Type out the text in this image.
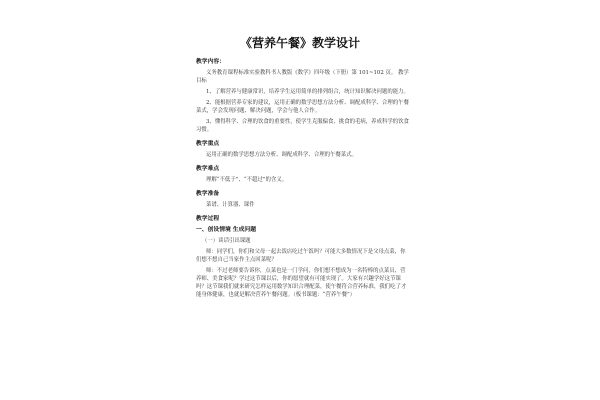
《营养午餐》教学设计
教学内容：
义务教育课程标准实验教科书人教版《数学》四年级（下册）第 101~102 页。 教学目标
1、了解营养与健康常识，培养学生运用简单的排列组合，统计知识解决问题的能力。
2、能根据营养专家的建议，运用正确的数学思想方法分析、调配成科学、合理的午餐菜式，学会发现问题、解决问题，学会与他人合作。
3、懂得科学、合理的饮食的重要性，使学生克服偏食、挑食的毛病，养成科学的饮食习惯。
教学重点
运用正确的数学思想方法分析、调配成科学、合理的午餐菜式。
教学难点
理解“不低于”、“不超过”的含义。
教学准备
菜谱、计算器、课件
教学过程
一、创设情境 生成问题
（一）谈话引出课题
师：同学们，你们和父母一起去饭店吃过午饭吗？可能大多数情况下是父母点菜，你们想不想自己当家作主点回菜呢？
师：不过老师要告诉你，点菜也是一门学问，你们想不想成为一名特棒的点菜员、营养师、美食家呢？学过这节课以后，你的愿望就有可能实现了。大家有兴趣学好这节课吗？这节课我们就来研究怎样运用数学知识合理配菜，使午餐符合营养标准，我们吃了才能身体健康，也就是解决营养午餐问题。（板书课题：“营养午餐”）
